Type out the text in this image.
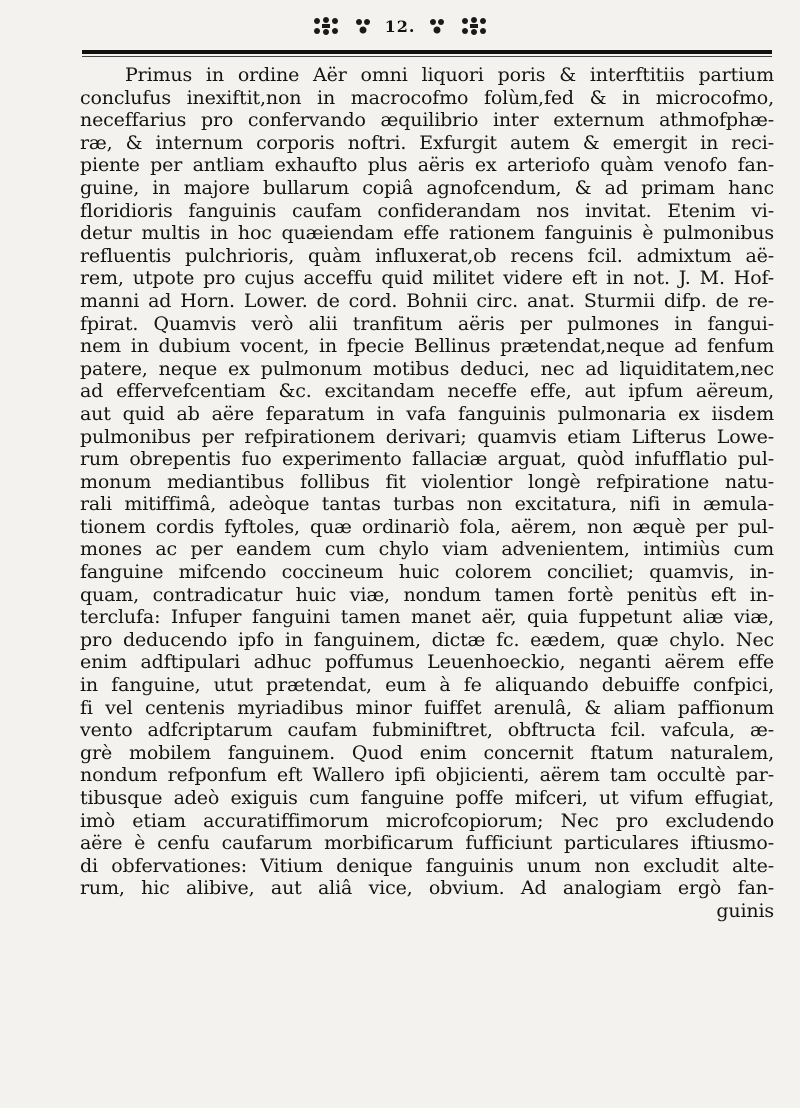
12.
Primus in ordine Aër omni liquori poris & interftitiis partium
conclufus inexiftit,non in macrocofmo folùm,fed & in microcofmo,
neceffarius pro confervando æquilibrio inter externum athmofphæ-
ræ, & internum corporis noftri. Exfurgit autem & emergit in reci-
piente per antliam exhaufto plus aëris ex arteriofo quàm venofo fan-
guine, in majore bullarum copiâ agnofcendum, & ad primam hanc
floridioris fanguinis caufam confiderandam nos invitat. Etenim vi-
detur multis in hoc quæiendam effe rationem fanguinis è pulmonibus
refluentis pulchrioris, quàm influxerat,ob recens fcil. admixtum aë-
rem, utpote pro cujus acceffu quid militet videre eft in not. J. M. Hof-
manni ad Horn. Lower. de cord. Bohnii circ. anat. Sturmii difp. de re-
fpirat. Quamvis verò alii tranfitum aëris per pulmones in fangui-
nem in dubium vocent, in fpecie Bellinus prætendat,neque ad fenfum
patere, neque ex pulmonum motibus deduci, nec ad liquiditatem,nec
ad effervefcentiam &c. excitandam neceffe effe, aut ipfum aëreum,
aut quid ab aëre feparatum in vafa fanguinis pulmonaria ex iisdem
pulmonibus per refpirationem derivari; quamvis etiam Lifterus Lowe-
rum obrepentis fuo experimento fallaciæ arguat, quòd infufflatio pul-
monum mediantibus follibus fit violentior longè refpiratione natu-
rali mitiffimâ, adeòque tantas turbas non excitatura, nifi in æmula-
tionem cordis fyftoles, quæ ordinariò fola, aërem, non æquè per pul-
mones ac per eandem cum chylo viam advenientem, intimiùs cum
fanguine mifcendo coccineum huic colorem conciliet; quamvis, in-
quam, contradicatur huic viæ, nondum tamen fortè penitùs eft in-
terclufa: Infuper fanguini tamen manet aër, quia fuppetunt aliæ viæ,
pro deducendo ipfo in fanguinem, dictæ fc. eædem, quæ chylo. Nec
enim adftipulari adhuc poffumus Leuenhoeckio, neganti aërem effe
in fanguine, utut prætendat, eum à fe aliquando debuiffe confpici,
fi vel centenis myriadibus minor fuiffet arenulâ, & aliam paffionum
vento adfcriptarum caufam fubminiftret, obftructa fcil. vafcula, æ-
grè mobilem fanguinem. Quod enim concernit ftatum naturalem,
nondum refponfum eft Wallero ipfi objicienti, aërem tam occultè par-
tibusque adeò exiguis cum fanguine poffe mifceri, ut vifum effugiat,
imò etiam accuratiffimorum microfcopiorum; Nec pro excludendo
aëre è cenfu caufarum morbificarum fufficiunt particulares iftiusmo-
di obfervationes: Vitium denique fanguinis unum non excludit alte-
rum, hic alibive, aut aliâ vice, obvium. Ad analogiam ergò fan-
guinis
